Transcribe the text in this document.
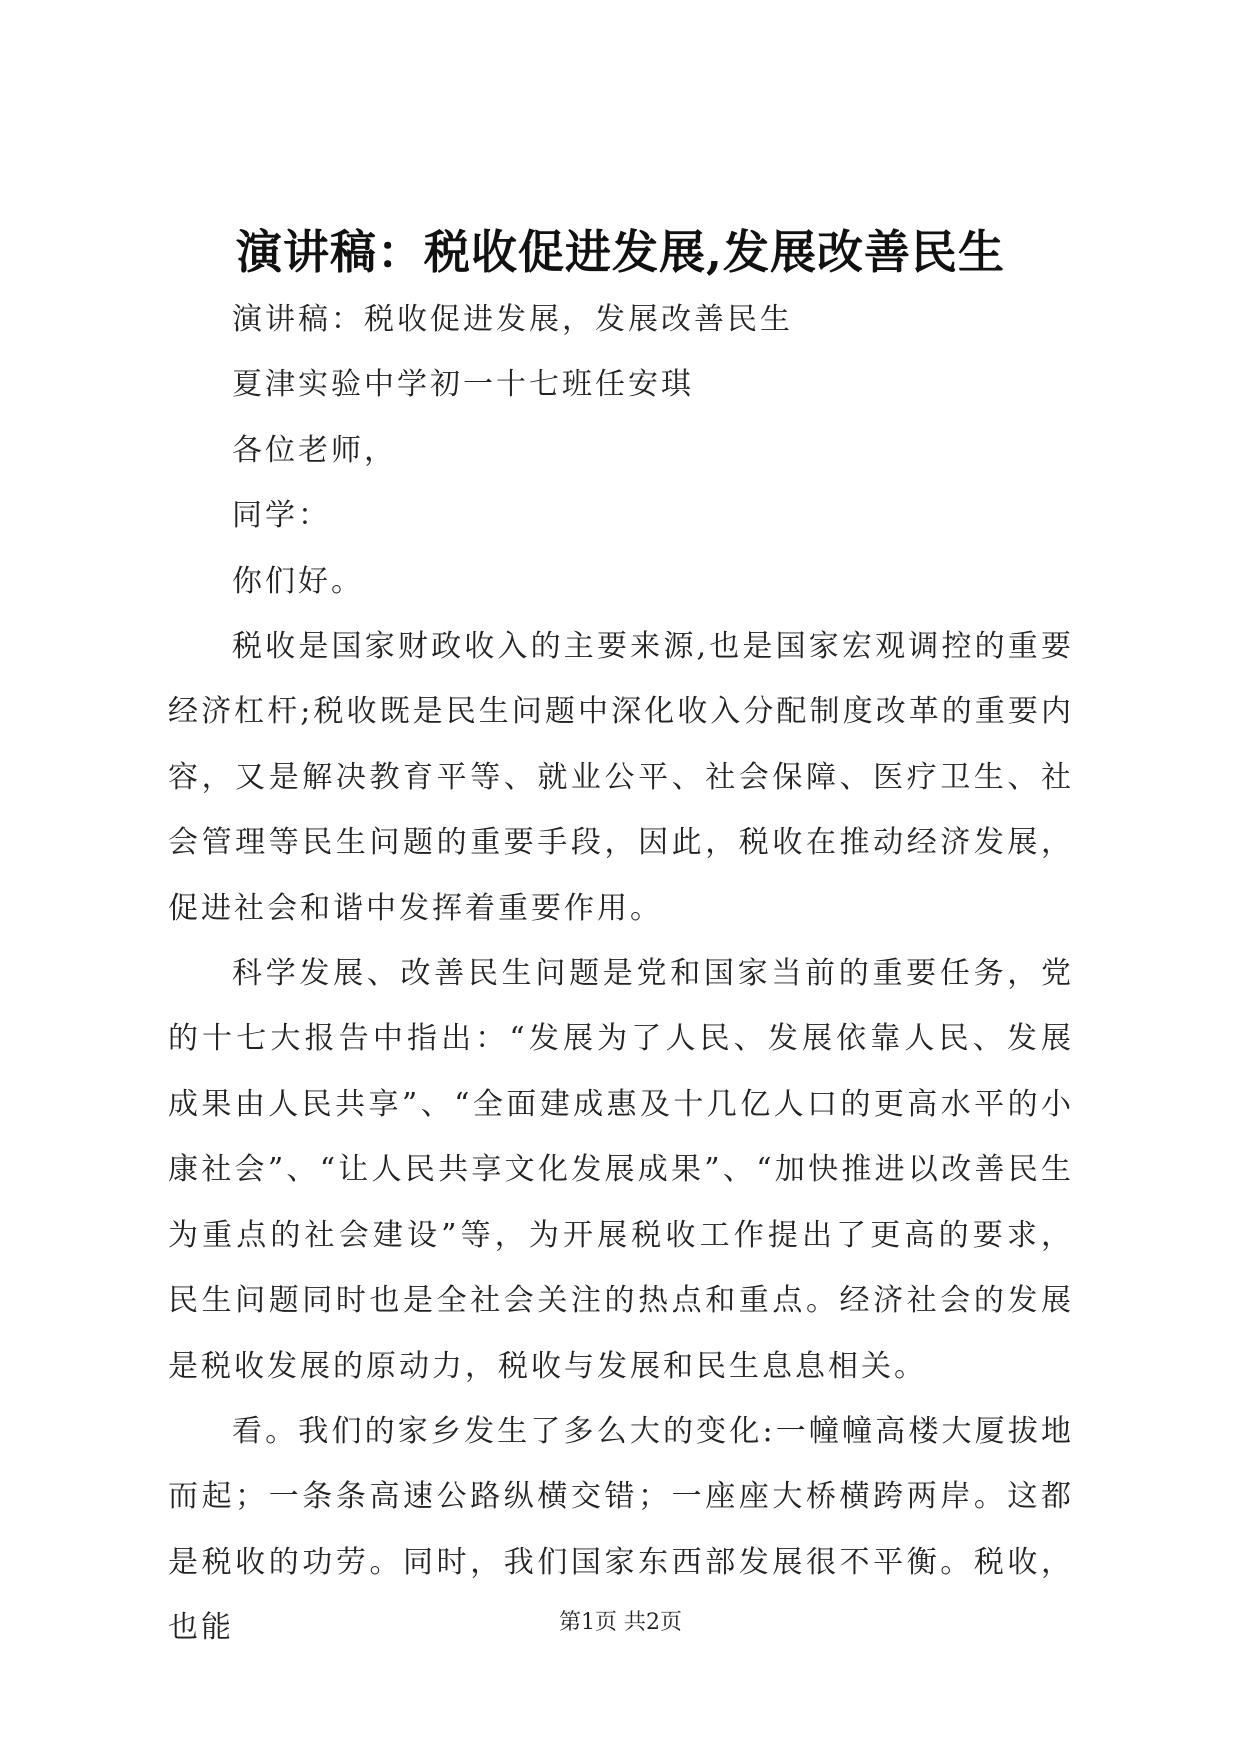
演讲稿：税收促进发展,发展改善民生

演讲稿：税收促进发展，发展改善民生

夏津实验中学初一十七班任安琪

各位老师，

同学：

你们好。

税收是国家财政收入的主要来源,也是国家宏观调控的重要经济杠杆;税收既是民生问题中深化收入分配制度改革的重要内容，又是解决教育平等、就业公平、社会保障、医疗卫生、社会管理等民生问题的重要手段，因此，税收在推动经济发展，促进社会和谐中发挥着重要作用。

科学发展、改善民生问题是党和国家当前的重要任务，党的十七大报告中指出：“发展为了人民、发展依靠人民、发展成果由人民共享”、“全面建成惠及十几亿人口的更高水平的小康社会”、“让人民共享文化发展成果”、“加快推进以改善民生为重点的社会建设”等，为开展税收工作提出了更高的要求，民生问题同时也是全社会关注的热点和重点。经济社会的发展是税收发展的原动力，税收与发展和民生息息相关。

看。我们的家乡发生了多么大的变化:一幢幢高楼大厦拔地而起；一条条高速公路纵横交错；一座座大桥横跨两岸。这都是税收的功劳。同时，我们国家东西部发展很不平衡。税收，也能	第1页 共2页
